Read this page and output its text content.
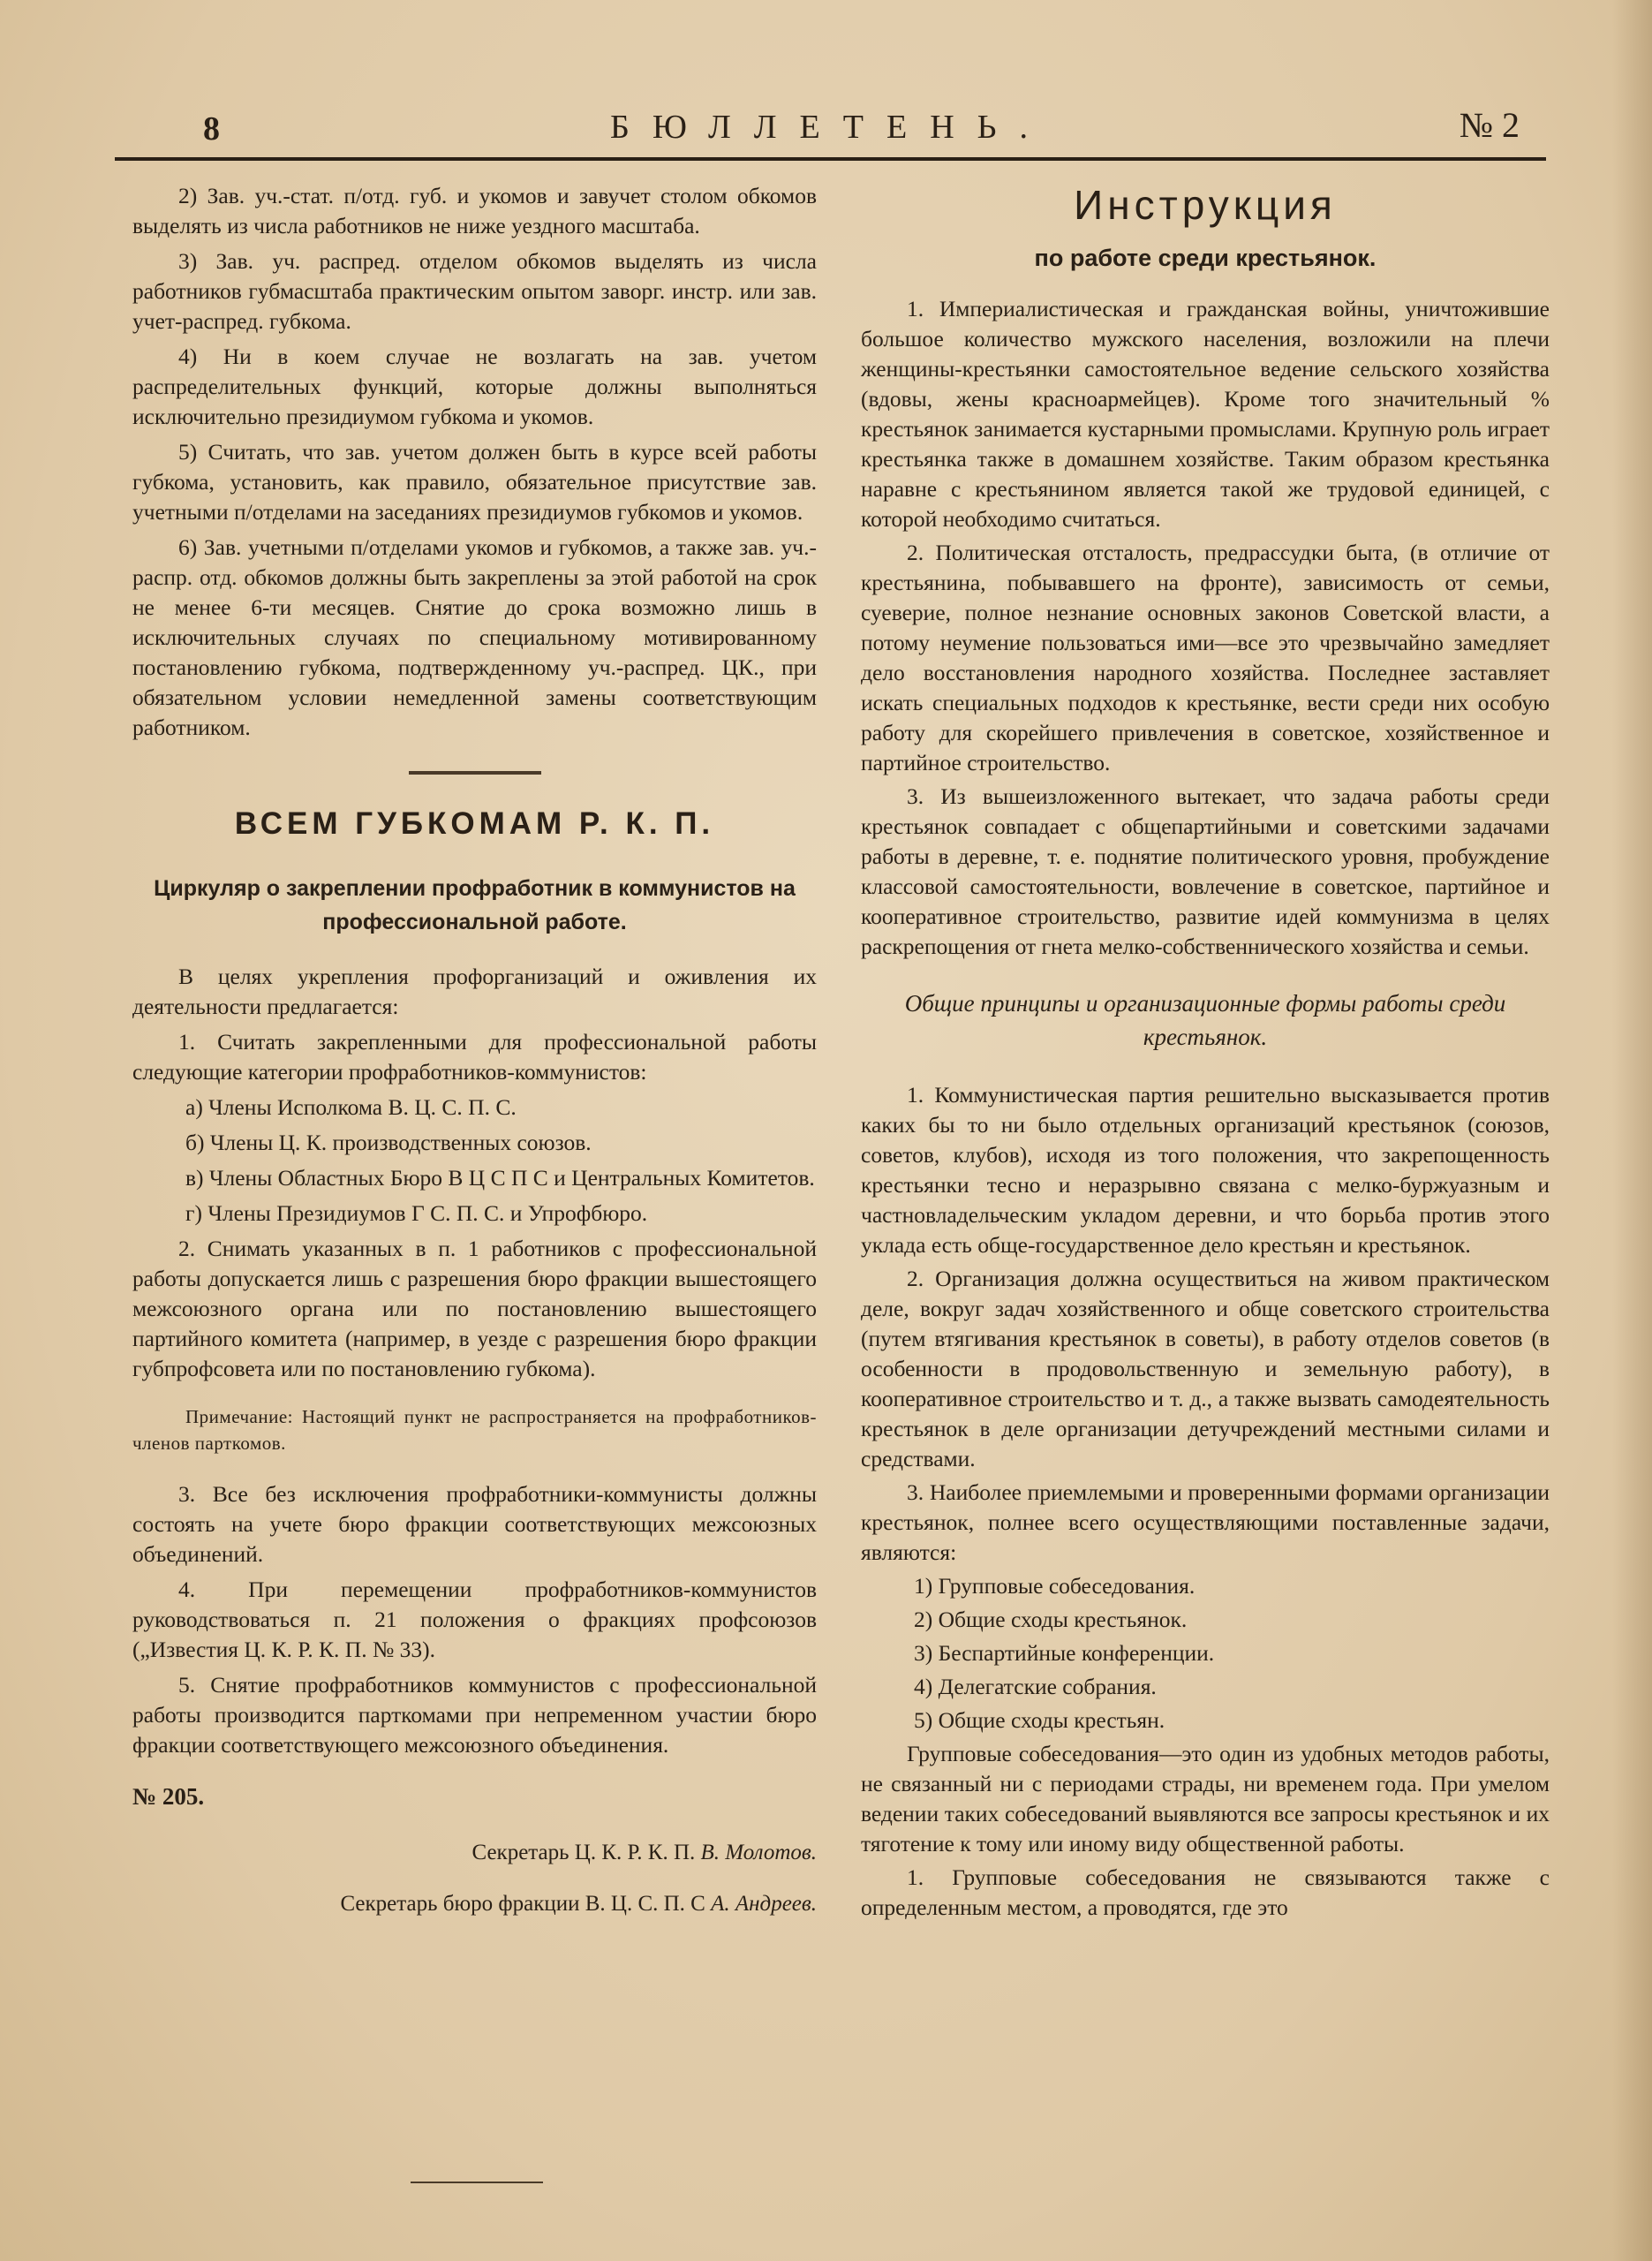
8	БЮЛЛЕТЕНЬ.	№ 2

2) Зав. уч.-стат. п/отд. губ. и укомов и завучет столом обкомов выделять из числа работников не ниже уездного масштаба.

3) Зав. уч. распред. отделом обкомов выделять из числа работников губмасштаба практическим опытом заворг. инстр. или зав. учет-распред. губкома.

4) Ни в коем случае не возлагать на зав. учетом распределительных функций, которые должны выполняться исключительно президиумом губкома и укомов.

5) Считать, что зав. учетом должен быть в курсе всей работы губкома, установить, как правило, обязательное присутствие зав. учетными п/отделами на заседаниях президиумов губкомов и укомов.

6) Зав. учетными п/отделами укомов и губкомов, а также зав. уч.-распр. отд. обкомов должны быть закреплены за этой работой на срок не менее 6-ти месяцев. Снятие до срока возможно лишь в исключительных случаях по специальному мотивированному постановлению губкома, подтвержденному уч.-распред. ЦК., при обязательном условии немедленной замены соответствующим работником.

ВСЕМ ГУБКОМАМ Р. К. П.

Циркуляр о закреплении профработник в коммунистов на профессиональной работе.

В целях укрепления профорганизаций и оживления их деятельности предлагается:

1. Считать закрепленными для профессиональной работы следующие категории профработников-коммунистов:

а) Члены Исполкома В. Ц. С. П. С.

б) Члены Ц. К. производственных союзов.

в) Члены Областных Бюро В Ц С П С и Центральных Комитетов.

г) Члены Президиумов Г С. П. С. и Упрофбюро.

2. Снимать указанных в п. 1 работников с профессиональной работы допускается лишь с разрешения бюро фракции вышестоящего межсоюзного органа или по постановлению вышестоящего партийного комитета (например, в уезде с разрешения бюро фракции губпрофсовета или по постановлению губкома).

Примечание: Настоящий пункт не распространяется на профработников-членов парткомов.

3. Все без исключения профработники-коммунисты должны состоять на учете бюро фракции соответствующих межсоюзных объединений.

4. При перемещении профработников-коммунистов руководствоваться п. 21 положения о фракциях профсоюзов („Известия Ц. К. Р. К. П. № 33).

5. Снятие профработников коммунистов с профессиональной работы производится парткомами при непременном участии бюро фракции соответствующего межсоюзного объединения.

№ 205.

Секретарь Ц. К. Р. К. П. В. Молотов.

Секретарь бюро фракции В. Ц. С. П. С А. Андреев.

Инструкция

по работе среди крестьянок.

1. Империалистическая и гражданская войны, уничтожившие большое количество мужского населения, возложили на плечи женщины-крестьянки самостоятельное ведение сельского хозяйства (вдовы, жены красноармейцев). Кроме того значительный % крестьянок занимается кустарными промыслами. Крупную роль играет крестьянка также в домашнем хозяйстве. Таким образом крестьянка наравне с крестьянином является такой же трудовой единицей, с которой необходимо считаться.

2. Политическая отсталость, предрассудки быта, (в отличие от крестьянина, побывавшего на фронте), зависимость от семьи, суеверие, полное незнание основных законов Советской власти, а потому неумение пользоваться ими—все это чрезвычайно замедляет дело восстановления народного хозяйства. Последнее заставляет искать специальных подходов к крестьянке, вести среди них особую работу для скорейшего привлечения в советское, хозяйственное и партийное строительство.

3. Из вышеизложенного вытекает, что задача работы среди крестьянок совпадает с общепартийными и советскими задачами работы в деревне, т. е. поднятие политического уровня, пробуждение классовой самостоятельности, вовлечение в советское, партийное и кооперативное строительство, развитие идей коммунизма в целях раскрепощения от гнета мелко-собственнического хозяйства и семьи.

Общие принципы и организационные формы работы среди крестьянок.

1. Коммунистическая партия решительно высказывается против каких бы то ни было отдельных организаций крестьянок (союзов, советов, клубов), исходя из того положения, что закрепощенность крестьянки тесно и неразрывно связана с мелко-буржуазным и частновладельческим укладом деревни, и что борьба против этого уклада есть обще-государственное дело крестьян и крестьянок.

2. Организация должна осуществиться на живом практическом деле, вокруг задач хозяйственного и обще советского строительства (путем втягивания крестьянок в советы), в работу отделов советов (в особенности в продовольственную и земельную работу), в кооперативное строительство и т. д., а также вызвать самодеятельность крестьянок в деле организации детучреждений местными силами и средствами.

3. Наиболее приемлемыми и проверенными формами организации крестьянок, полнее всего осуществляющими поставленные задачи, являются:

1) Групповые собеседования.

2) Общие сходы крестьянок.

3) Беспартийные конференции.

4) Делегатские собрания.

5) Общие сходы крестьян.

Групповые собеседования—это один из удобных методов работы, не связанный ни с периодами страды, ни временем года. При умелом ведении таких собеседований выявляются все запросы крестьянок и их тяготение к тому или иному виду общественной работы.

1. Групповые собеседования не связываются также с определенным местом, а проводятся, где это
